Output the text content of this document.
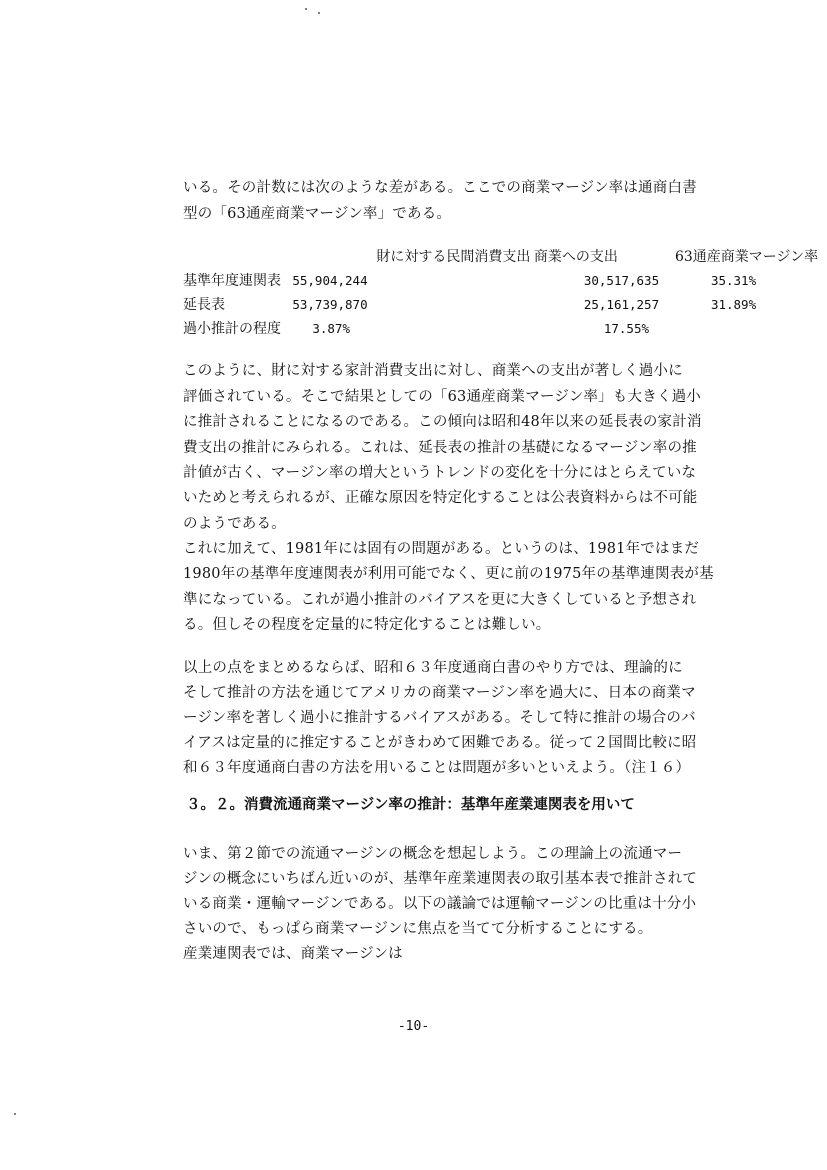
いる。その計数には次のような差がある。ここでの商業マージン率は通商白書
型の「63通産商業マージン率」である。
	財に対する民間消費支出	商業への支出	63通産商業マージン率
基準年度連関表	55,904,244	30,517,635	35.31%
延長表	53,739,870	25,161,257	31.89%
過小推計の程度	3.87%	17.55%	
このように、財に対する家計消費支出に対し、商業への支出が著しく過小に
評価されている。そこで結果としての「63通産商業マージン率」も大きく過小
に推計されることになるのである。この傾向は昭和48年以来の延長表の家計消
費支出の推計にみられる。これは、延長表の推計の基礎になるマージン率の推
計値が古く、マージン率の増大というトレンドの変化を十分にはとらえていな
いためと考えられるが、正確な原因を特定化することは公表資料からは不可能
のようである。
これに加えて、1981年には固有の問題がある。というのは、1981年ではまだ
1980年の基準年度連関表が利用可能でなく、更に前の1975年の基準連関表が基
準になっている。これが過小推計のバイアスを更に大きくしていると予想され
る。但しその程度を定量的に特定化することは難しい。
以上の点をまとめるならば、昭和６３年度通商白書のやり方では、理論的に
そして推計の方法を通じてアメリカの商業マージン率を過大に、日本の商業マ
ージン率を著しく過小に推計するバイアスがある。そして特に推計の場合のバ
イアスは定量的に推定することがきわめて困難である。従って２国間比較に昭
和６３年度通商白書の方法を用いることは問題が多いといえよう。（注１６）
３。２。消費流通商業マージン率の推計：基準年産業連関表を用いて
いま、第２節での流通マージンの概念を想起しよう。この理論上の流通マー
ジンの概念にいちばん近いのが、基準年産業連関表の取引基本表で推計されて
いる商業・運輸マージンである。以下の議論では運輸マージンの比重は十分小
さいので、もっぱら商業マージンに焦点を当てて分析することにする。
産業連関表では、商業マージンは
-10-
